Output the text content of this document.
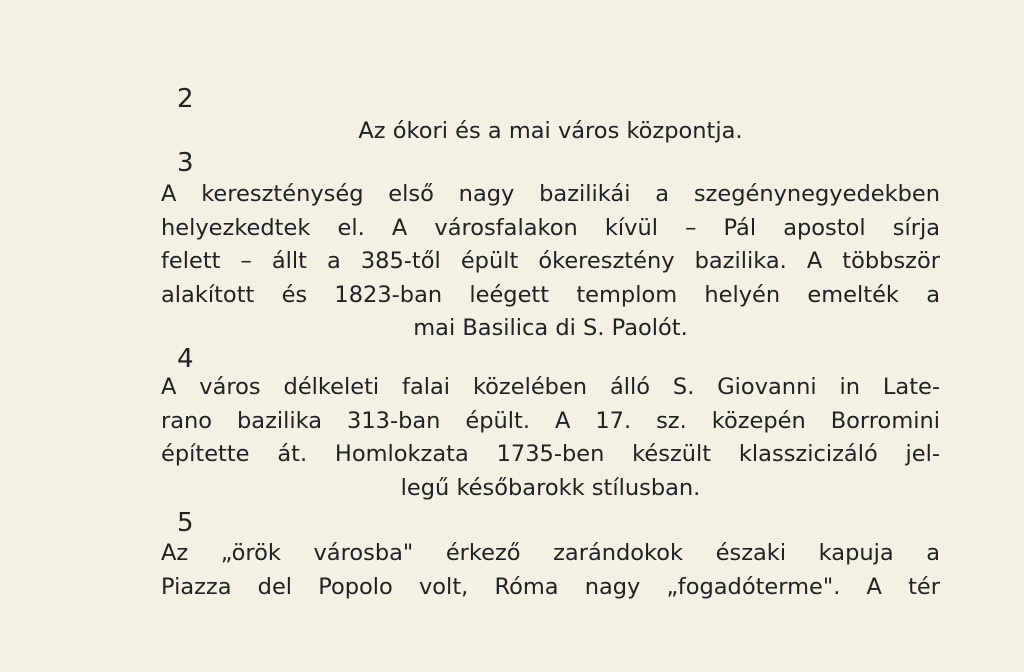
2
Az ókori és a mai város központja.
3
A kereszténység első nagy bazilikái a szegénynegyedekben
helyezkedtek el. A városfalakon kívül – Pál apostol sírja
felett – állt a 385-től épült ókeresztény bazilika. A többször
alakított és 1823-ban leégett templom helyén emelték a
mai Basilica di S. Paolót.
4
A város délkeleti falai közelében álló S. Giovanni in Late-
rano bazilika 313-ban épült. A 17. sz. közepén Borromini
építette át. Homlokzata 1735-ben készült klasszicizáló jel-
legű későbarokk stílusban.
5
Az „örök városba" érkező zarándokok északi kapuja a
Piazza del Popolo volt, Róma nagy „fogadóterme". A tér
